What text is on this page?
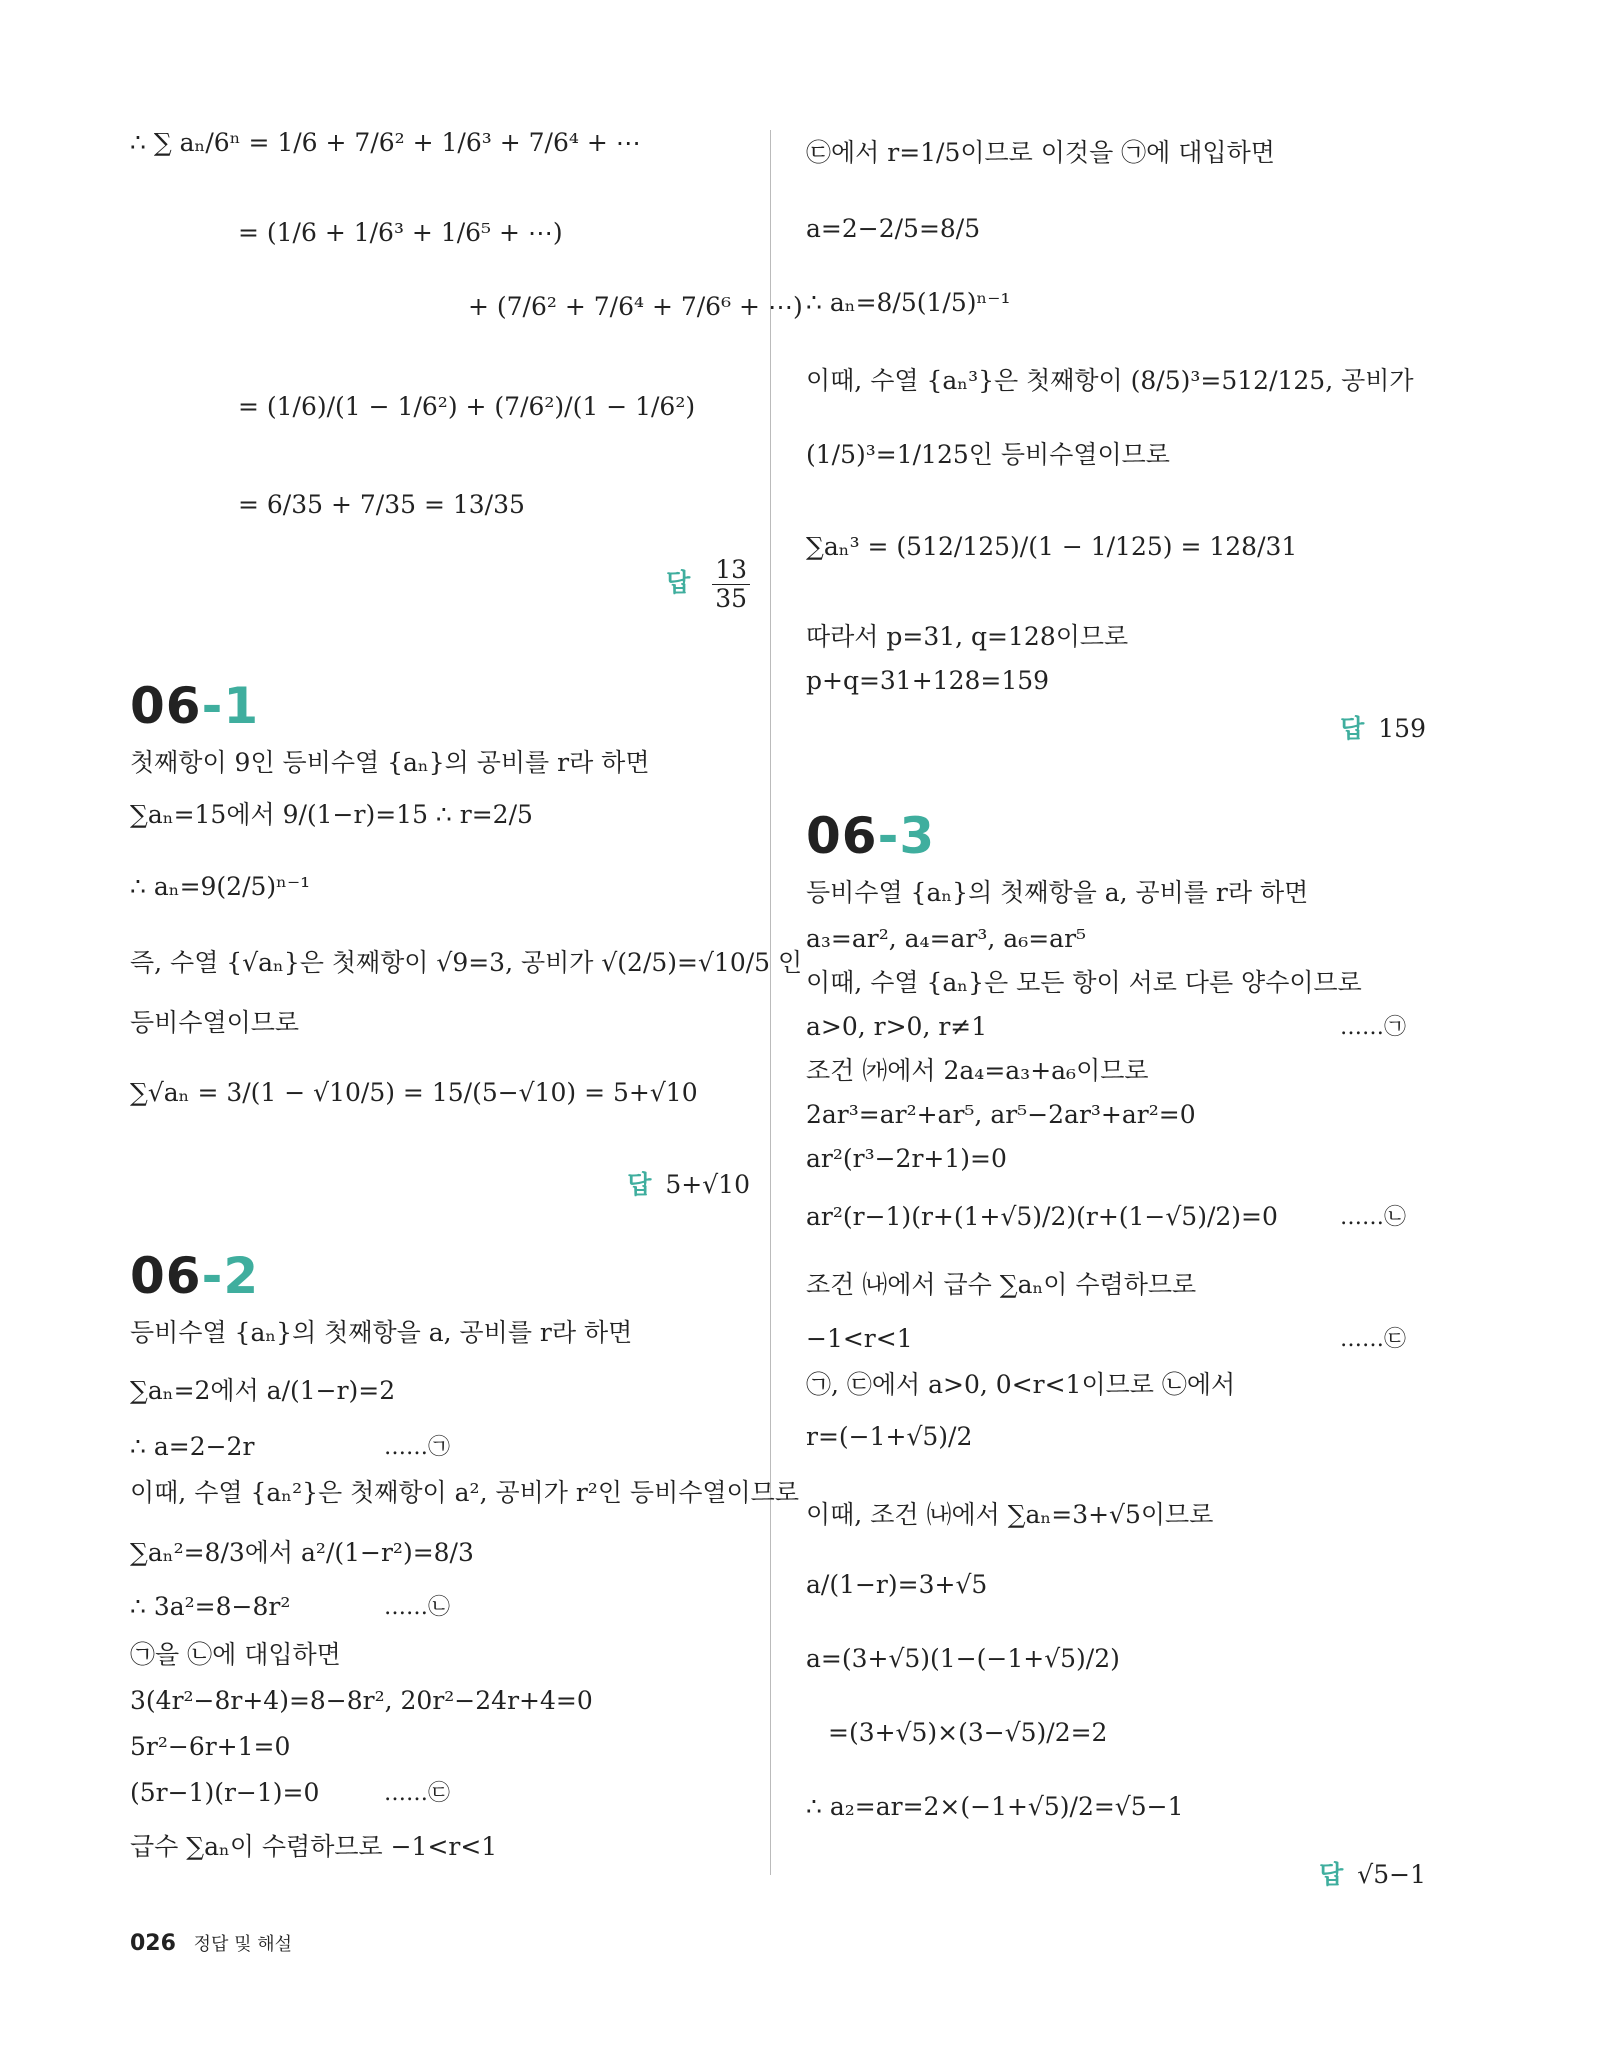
∴ ∑ aₙ/6ⁿ = 1/6 + 7/6² + 1/6³ + 7/6⁴ + ⋯
= (1/6 + 1/6³ + 1/6⁵ + ⋯)
+ (7/6² + 7/6⁴ + 7/6⁶ + ⋯)
= (1/6)/(1 − 1/6²) + (7/6²)/(1 − 1/6²)
= 6/35 + 7/35 = 13/35
답 $\frac{13}{35}$
06-1
첫째항이 9인 등비수열 {aₙ}의 공비를 r라 하면
∑aₙ=15에서 9/(1−r)=15 ∴ r=2/5
∴ aₙ=9(2/5)ⁿ⁻¹
즉, 수열 {√aₙ}은 첫째항이 √9=3, 공비가 √(2/5)=√10/5 인
등비수열이므로
∑√aₙ = 3/(1 − √10/5) = 15/(5−√10) = 5+√10
답 5+√10
06-2
등비수열 {aₙ}의 첫째항을 a, 공비를 r라 하면
∑aₙ=2에서 a/(1−r)=2
∴ a=2−2r	……㉠
이때, 수열 {aₙ²}은 첫째항이 a², 공비가 r²인 등비수열이므로
∑aₙ²=8/3에서 a²/(1−r²)=8/3
∴ 3a²=8−8r²	……㉡
㉠을 ㉡에 대입하면
3(4r²−8r+4)=8−8r², 20r²−24r+4=0
5r²−6r+1=0
(5r−1)(r−1)=0	……㉢
급수 ∑aₙ이 수렴하므로 −1<r<1
㉢에서 r=1/5이므로 이것을 ㉠에 대입하면
a=2−2/5=8/5
∴ aₙ=8/5(1/5)ⁿ⁻¹
이때, 수열 {aₙ³}은 첫째항이 (8/5)³=512/125, 공비가
(1/5)³=1/125인 등비수열이므로
∑aₙ³ = (512/125)/(1 − 1/125) = 128/31
따라서 p=31, q=128이므로
p+q=31+128=159
답 159
06-3
등비수열 {aₙ}의 첫째항을 a, 공비를 r라 하면
a₃=ar², a₄=ar³, a₆=ar⁵
이때, 수열 {aₙ}은 모든 항이 서로 다른 양수이므로
a>0, r>0, r≠1	……㉠
조건 ㈎에서 2a₄=a₃+a₆이므로
2ar³=ar²+ar⁵, ar⁵−2ar³+ar²=0
ar²(r³−2r+1)=0
ar²(r−1)(r+(1+√5)/2)(r+(1−√5)/2)=0	……㉡
조건 ㈏에서 급수 ∑aₙ이 수렴하므로
−1<r<1	……㉢
㉠, ㉢에서 a>0, 0<r<1이므로 ㉡에서
r=(−1+√5)/2
이때, 조건 ㈏에서 ∑aₙ=3+√5이므로
a/(1−r)=3+√5
a=(3+√5)(1−(−1+√5)/2)
=(3+√5)×(3−√5)/2=2
∴ a₂=ar=2×(−1+√5)/2=√5−1
답 √5−1
026 정답 및 해설
